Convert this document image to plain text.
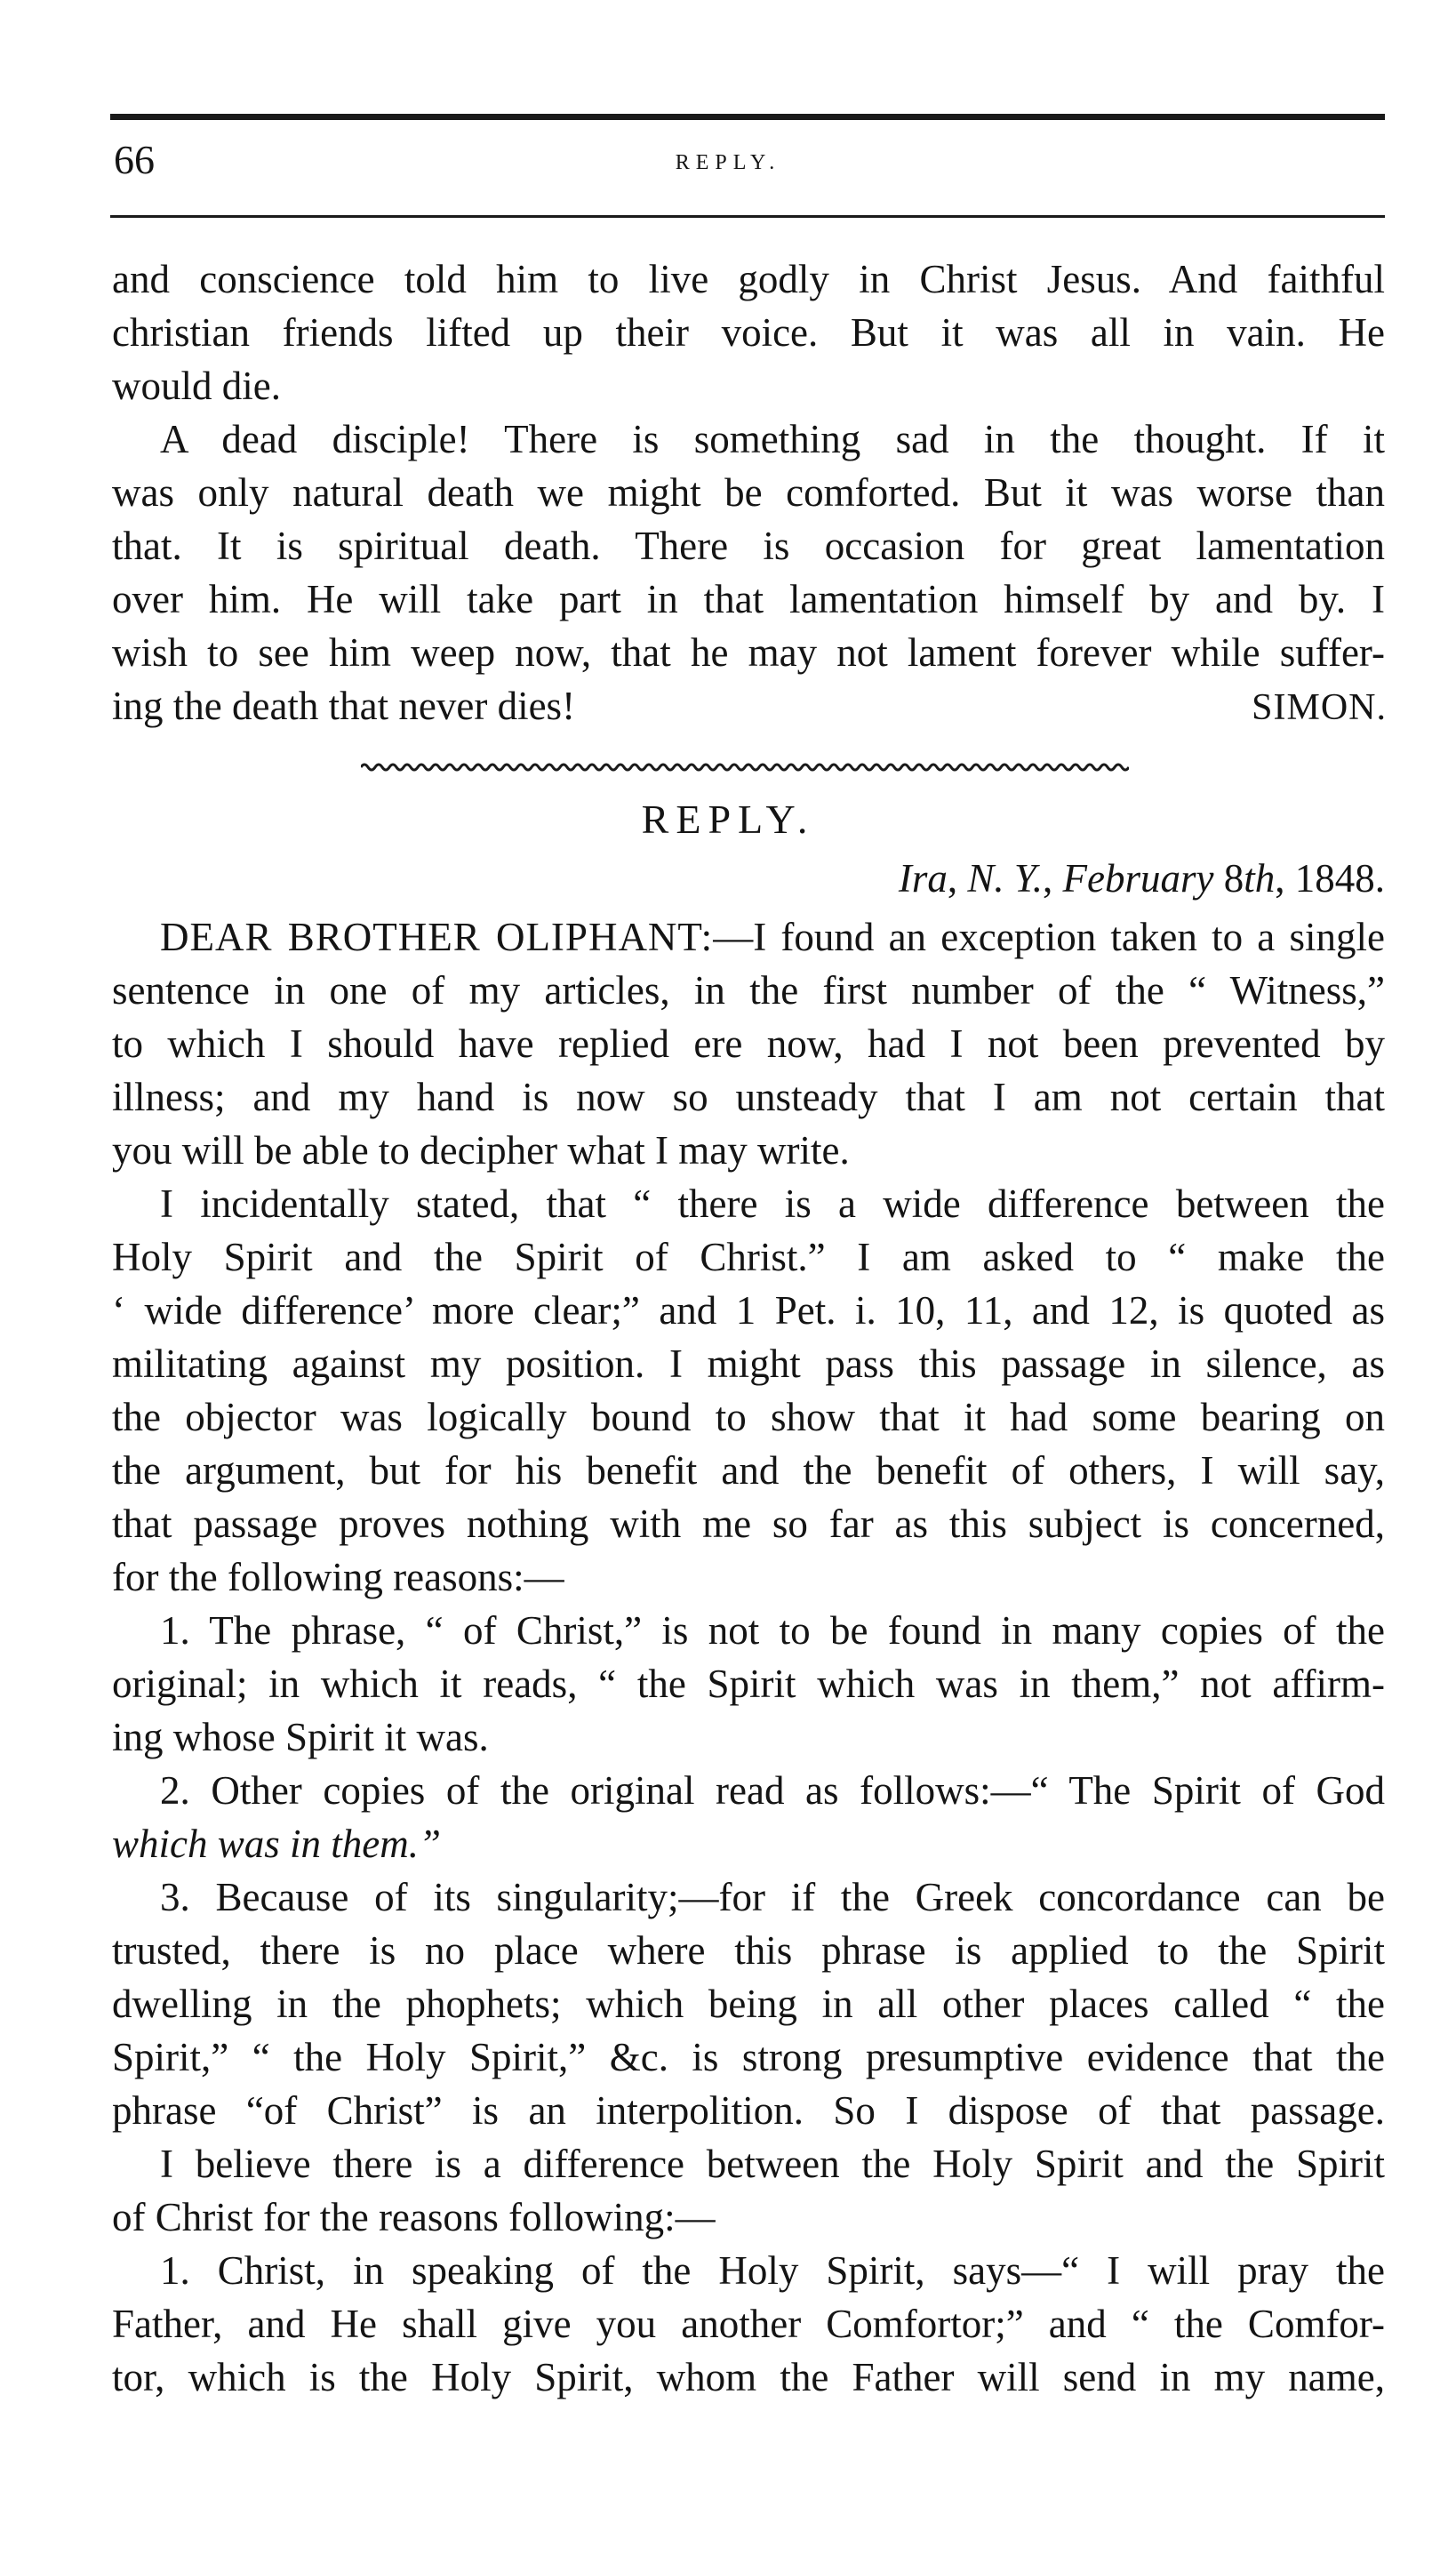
66	REPLY.
and conscience told him to live godly in Christ Jesus. And faithful
christian friends lifted up their voice. But it was all in vain. He
would die.
A dead disciple! There is something sad in the thought. If it
was only natural death we might be comforted. But it was worse than
that. It is spiritual death. There is occasion for great lamentation
over him. He will take part in that lamentation himself by and by. I
wish to see him weep now, that he may not lament forever while suffer-
ing the death that never dies!	SIMON.
REPLY.
Ira, N. Y., February 8th, 1848.
DEAR BROTHER OLIPHANT:—I found an exception taken to a single
sentence in one of my articles, in the first number of the “ Witness,”
to which I should have replied ere now, had I not been prevented by
illness; and my hand is now so unsteady that I am not certain that
you will be able to decipher what I may write.
I incidentally stated, that “ there is a wide difference between the
Holy Spirit and the Spirit of Christ.” I am asked to “ make the
‘ wide difference’ more clear;” and 1 Pet. i. 10, 11, and 12, is quoted as
militating against my position. I might pass this passage in silence, as
the objector was logically bound to show that it had some bearing on
the argument, but for his benefit and the benefit of others, I will say,
that passage proves nothing with me so far as this subject is concerned,
for the following reasons:—
1. The phrase, “ of Christ,” is not to be found in many copies of the
original; in which it reads, “ the Spirit which was in them,” not affirm-
ing whose Spirit it was.
2. Other copies of the original read as follows:—“ The Spirit of God
which was in them.”
3. Because of its singularity;—for if the Greek concordance can be
trusted, there is no place where this phrase is applied to the Spirit
dwelling in the phophets; which being in all other places called “ the
Spirit,” “ the Holy Spirit,” &c. is strong presumptive evidence that the
phrase “of Christ” is an interpolition. So I dispose of that passage.
I believe there is a difference between the Holy Spirit and the Spirit
of Christ for the reasons following:—
1. Christ, in speaking of the Holy Spirit, says—“ I will pray the
Father, and He shall give you another Comfortor;” and “ the Comfor-
tor, which is the Holy Spirit, whom the Father will send in my name,
